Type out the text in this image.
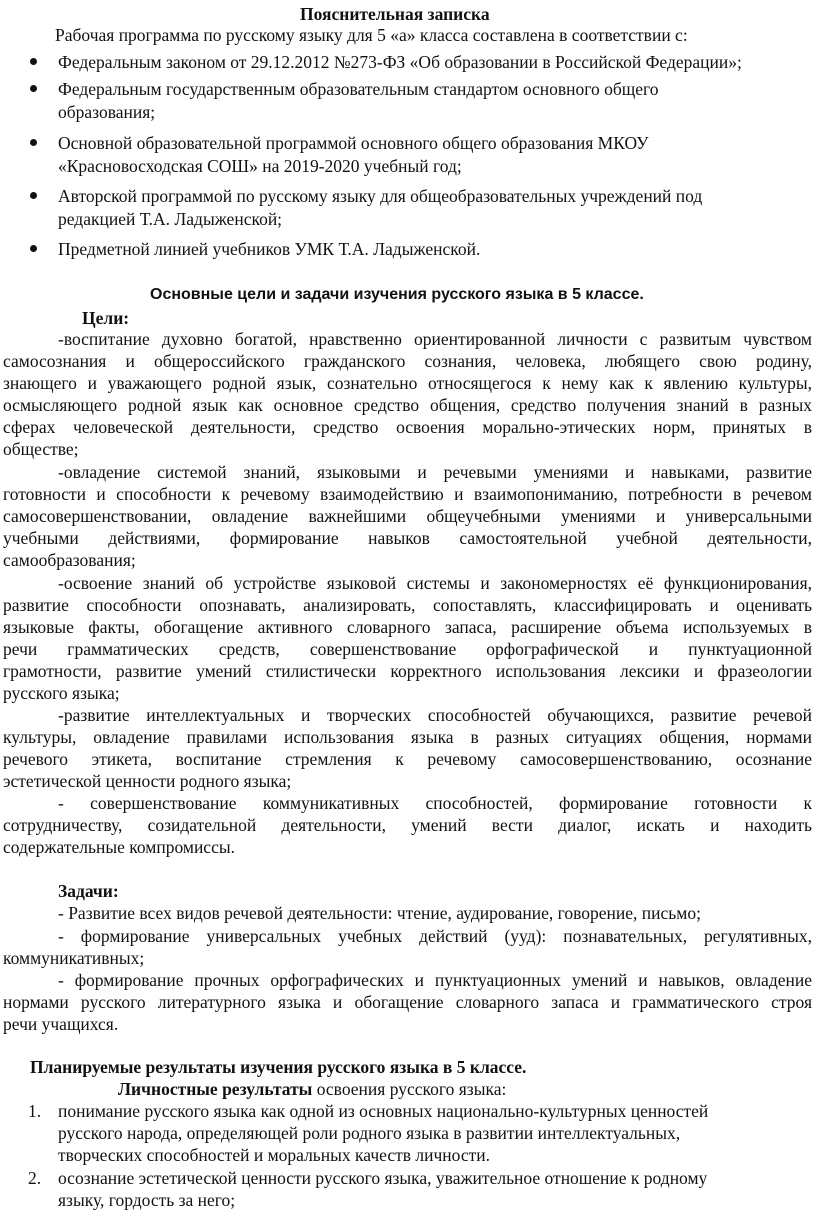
Пояснительная записка
Рабочая программа по русскому языку для 5 «а» класса составлена в соответствии с:
Федеральным законом от 29.12.2012 №273-ФЗ «Об образовании в Российской Федерации»;
Федеральным государственным образовательным стандартом основного общего
образования;
Основной образовательной программой основного общего образования МКОУ
«Красновосходская СОШ» на 2019-2020 учебный год;
Авторской программой по русскому языку для общеобразовательных учреждений под
редакцией Т.А. Ладыженской;
Предметной линией учебников УМК Т.А. Ладыженской.
Основные цели и задачи изучения русского языка в 5 классе.
Цели:
-воспитание духовно богатой, нравственно ориентированной личности с развитым чувством
самосознания и общероссийского гражданского сознания, человека, любящего свою родину,
знающего и уважающего родной язык, сознательно относящегося к нему как к явлению культуры,
осмысляющего родной язык как основное средство общения, средство получения знаний в разных
сферах человеческой деятельности, средство освоения морально-этических норм, принятых в
обществе;
-овладение системой знаний, языковыми и речевыми умениями и навыками, развитие
готовности и способности к речевому взаимодействию и взаимопониманию, потребности в речевом
самосовершенствовании, овладение важнейшими общеучебными умениями и универсальными
учебными действиями, формирование навыков самостоятельной учебной деятельности,
самообразования;
-освоение знаний об устройстве языковой системы и закономерностях её функционирования,
развитие способности опознавать, анализировать, сопоставлять, классифицировать и оценивать
языковые факты, обогащение активного словарного запаса, расширение объема используемых в
речи грамматических средств, совершенствование орфографической и пунктуационной
грамотности, развитие умений стилистически корректного использования лексики и фразеологии
русского языка;
-развитие интеллектуальных и творческих способностей обучающихся, развитие речевой
культуры, овладение правилами использования языка в разных ситуациях общения, нормами
речевого этикета, воспитание стремления к речевому самосовершенствованию, осознание
эстетической ценности родного языка;
- совершенствование коммуникативных способностей, формирование готовности к
сотрудничеству, созидательной деятельности, умений вести диалог, искать и находить
содержательные компромиссы.
Задачи:
- Развитие всех видов речевой деятельности: чтение, аудирование, говорение, письмо;
- формирование универсальных учебных действий (ууд): познавательных, регулятивных,
коммуникативных;
- формирование прочных орфографических и пунктуационных умений и навыков, овладение
нормами русского литературного языка и обогащение словарного запаса и грамматического строя
речи учащихся.
Планируемые результаты изучения русского языка в 5 классе.
Личностные результаты освоения русского языка:
1. понимание русского языка как одной из основных национально-культурных ценностей
русского народа, определяющей роли родного языка в развитии интеллектуальных,
творческих способностей и моральных качеств личности.
2. осознание эстетической ценности русского языка, уважительное отношение к родному
языку, гордость за него;
